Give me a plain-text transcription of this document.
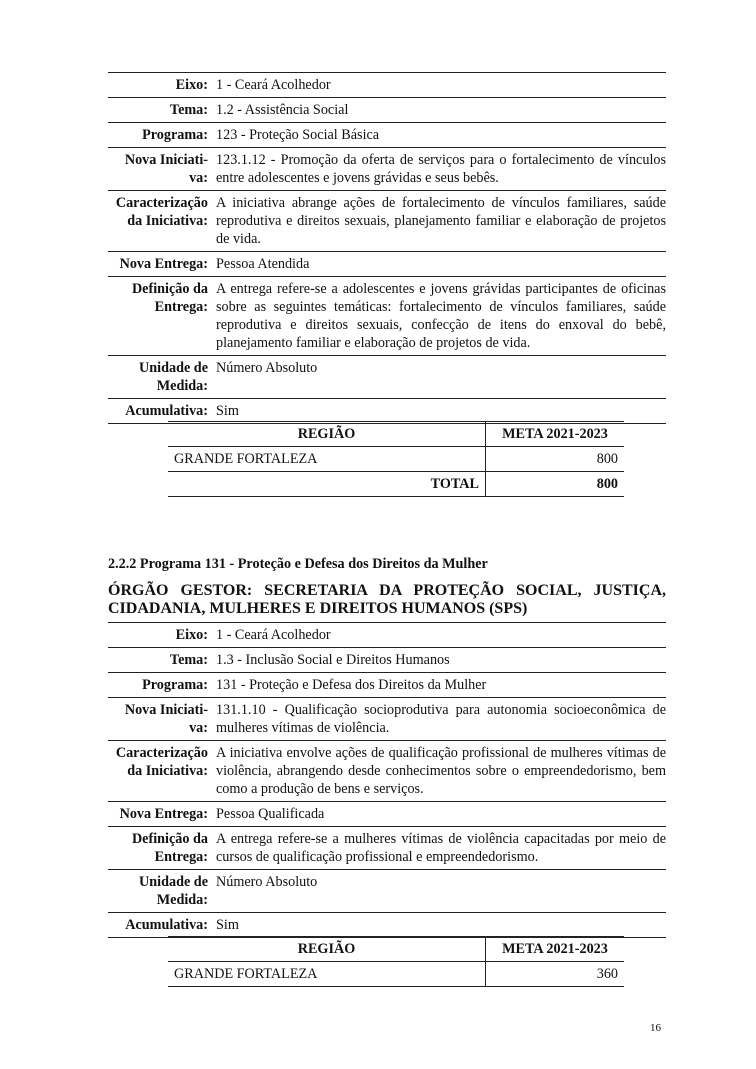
Eixo: 1 - Ceará Acolhedor
Tema: 1.2 - Assistência Social
Programa: 123 - Proteção Social Básica
Nova Iniciati-
va:
123.1.12 - Promoção da oferta de serviços para o fortalecimento de vínculos entre adolescentes e jovens grávidas e seus bebês.
Caracterização da Iniciativa:
A iniciativa abrange ações de fortalecimento de vínculos familiares, saúde reprodutiva e direitos sexuais, planejamento familiar e elaboração de projetos de vida.
Nova Entrega: Pessoa Atendida
Definição da Entrega:
A entrega refere-se a adolescentes e jovens grávidas participantes de oficinas sobre as seguintes temáticas: fortalecimento de vínculos familiares, saúde reprodutiva e direitos sexuais, confecção de itens do enxoval do bebê, planejamento familiar e elaboração de projetos de vida.
Unidade de Medida:
Número Absoluto
Acumulativa: Sim
REGIÃO	META 2021-2023
GRANDE FORTALEZA	800
TOTAL	800
2.2.2 Programa 131 - Proteção e Defesa dos Direitos da Mulher
ÓRGÃO GESTOR: SECRETARIA DA PROTEÇÃO SOCIAL, JUSTIÇA, CIDADANIA, MULHERES E DIREITOS HUMANOS (SPS)
Eixo: 1 - Ceará Acolhedor
Tema: 1.3 - Inclusão Social e Direitos Humanos
Programa: 131 - Proteção e Defesa dos Direitos da Mulher
Nova Iniciati-
va:
131.1.10 - Qualificação socioprodutiva para autonomia socioeconômica de mulheres vítimas de violência.
Caracterização da Iniciativa:
A iniciativa envolve ações de qualificação profissional de mulheres vítimas de violência, abrangendo desde conhecimentos sobre o empreendedorismo, bem como a produção de bens e serviços.
Nova Entrega: Pessoa Qualificada
Definição da Entrega:
A entrega refere-se a mulheres vítimas de violência capacitadas por meio de cursos de qualificação profissional e empreendedorismo.
Unidade de Medida:
Número Absoluto
Acumulativa: Sim
REGIÃO	META 2021-2023
GRANDE FORTALEZA	360
16
